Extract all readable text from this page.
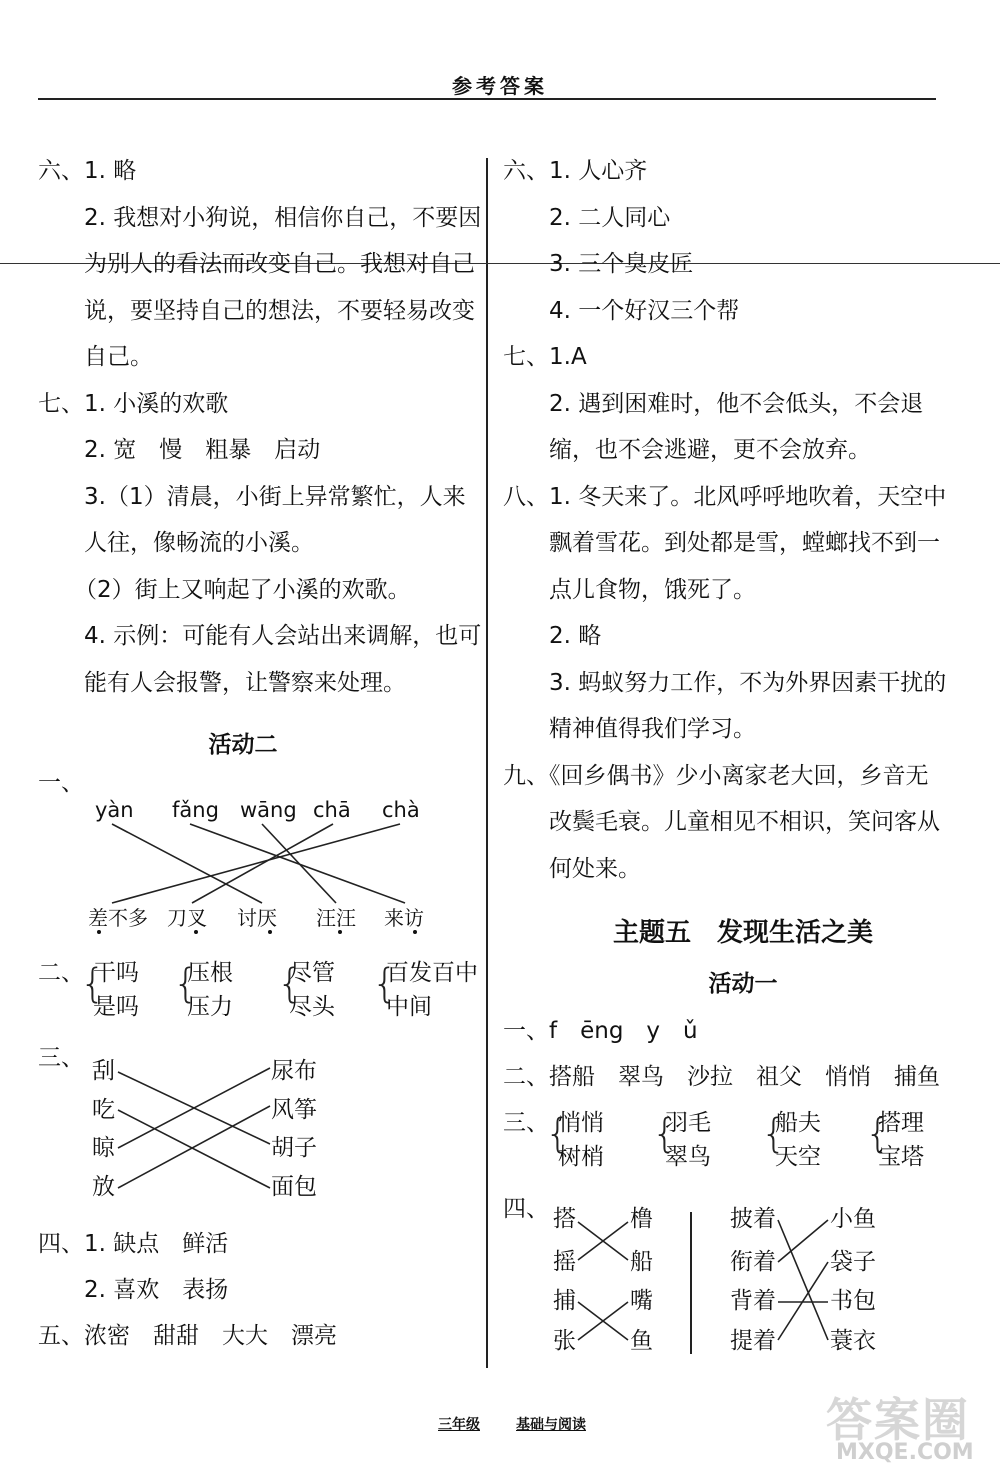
参考答案
六、1. 略
2. 我想对小狗说，相信你自己，不要因
为别人的看法而改变自己。我想对自己
说，要坚持自己的想法，不要轻易改变
自己。
七、1. 小溪的欢歌
2. 宽　慢　粗暴　启动
3.（1）清晨，小街上异常繁忙，人来
人往，像畅流的小溪。
（2）街上又响起了小溪的欢歌。
4. 示例：可能有人会站出来调解，也可
能有人会报警，让警察来处理。
活动二
一、
yàn fǎng wāng chā chà
差不多 刀叉 讨厌 汪汪 来访
二、
{
干吗
是吗 {
压根
压力 {
尽管
尽头 {
百发百中
中间
三、 刮
吃
晾
放
尿布
风筝
胡子
面包
四、1. 缺点　鲜活
2. 喜欢　表扬
五、浓密　甜甜　大大　漂亮
六、1. 人心齐
2. 二人同心
3. 三个臭皮匠
4. 一个好汉三个帮
七、1.A
2. 遇到困难时，他不会低头，不会退
缩，也不会逃避，更不会放弃。
八、1. 冬天来了。北风呼呼地吹着，天空中
飘着雪花。到处都是雪，螳螂找不到一
点儿食物，饿死了。
2. 略
3. 蚂蚁努力工作，不为外界因素干扰的
精神值得我们学习。
九、《回乡偶书》少小离家老大回，乡音无
改鬓毛衰。儿童相见不相识，笑问客从
何处来。
主题五　发现生活之美
活动一
一、f　ēng　y　ǔ
二、搭船　翠鸟　沙拉　祖父　悄悄　捕鱼
三、
{
悄悄
树梢 {
羽毛
翠鸟 {
船夫
天空 {
搭理
宝塔
四、 搭
摇
橹
船
捕
张
嘴
鱼
披着
衔着
背着
提着
小鱼
袋子
书包
蓑衣
三年级	基础与阅读	答案圈
MXQE.COM
